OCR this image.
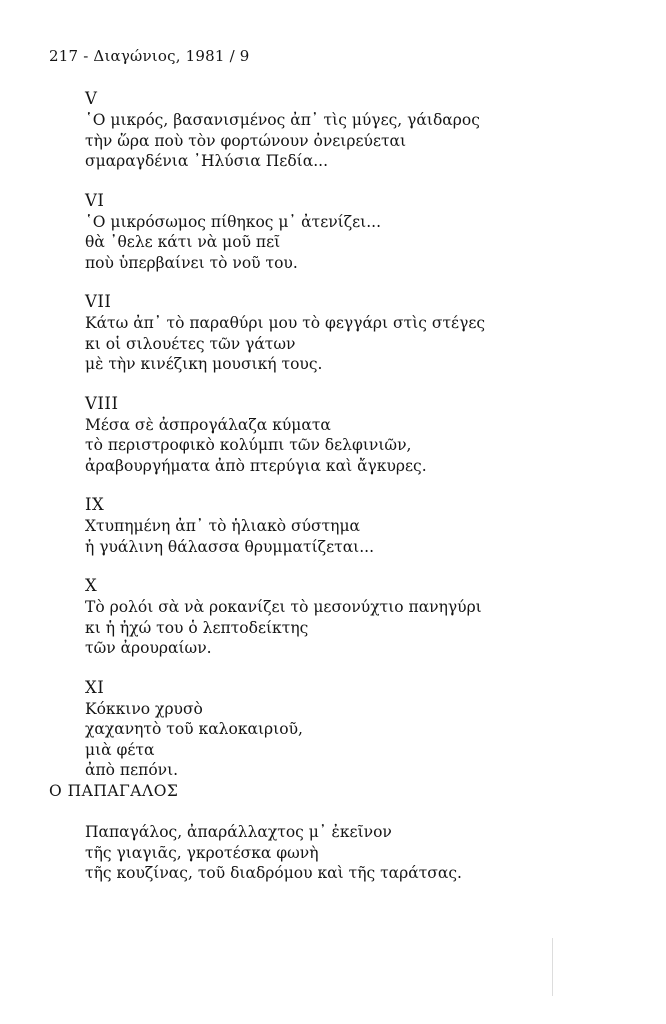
217 - Διαγώνιος, 1981 / 9
V
῾Ο μικρός, βασανισμένος ἀπ᾿ τὶς μύγες, γάιδαρος
τὴν ὥρα ποὺ τὸν φορτώνουν ὀνειρεύεται
σμαραγδένια ᾿Ηλύσια Πεδία...
VI
῾Ο μικρόσωμος πίθηκος μ᾿ ἀτενίζει...
θὰ ᾿θελε κάτι νὰ μοῦ πεῖ
ποὺ ὑπερβαίνει τὸ νοῦ του.
VII
Κάτω ἀπ᾿ τὸ παραθύρι μου τὸ φεγγάρι στὶς στέγες
κι οἱ σιλουέτες τῶν γάτων
μὲ τὴν κινέζικη μουσική τους.
VIII
Μέσα σὲ ἀσπρογάλαζα κύματα
τὸ περιστροφικὸ κολύμπι τῶν δελφινιῶν,
ἀραβουργήματα ἀπὸ πτερύγια καὶ ἄγκυρες.
IX
Χτυπημένη ἀπ᾿ τὸ ἡλιακὸ σύστημα
ἡ γυάλινη θάλασσα θρυμματίζεται...
X
Τὸ ρολόι σὰ νὰ ροκανίζει τὸ μεσονύχτιο πανηγύρι
κι ἡ ἠχώ του ὁ λεπτοδείκτης
τῶν ἀρουραίων.
XI
Κόκκινο χρυσὸ
χαχανητὸ τοῦ καλοκαιριοῦ,
μιὰ φέτα
ἀπὸ πεπόνι.
Ο ΠΑΠΑΓΑΛΟΣ
Παπαγάλος, ἀπαράλλαχτος μ᾿ ἐκεῖνον
τῆς γιαγιᾶς, γκροτέσκα φωνὴ
τῆς κουζίνας, τοῦ διαδρόμου καὶ τῆς ταράτσας.
